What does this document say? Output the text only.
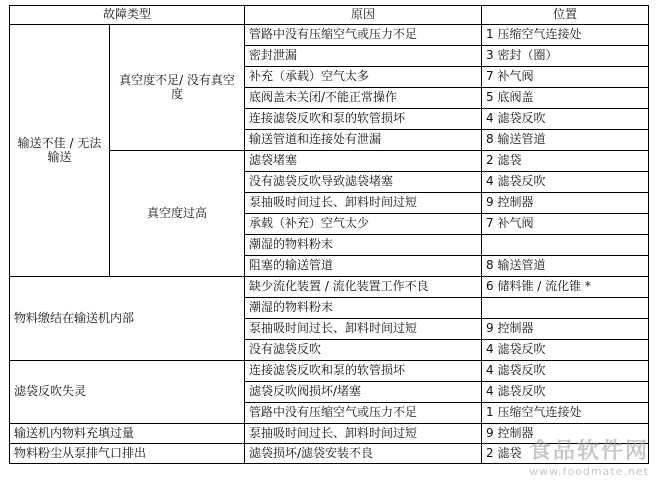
故障类型		原因	位置
输送不佳 / 无法输送	真空度不足/ 没有真空度	管路中没有压缩空气或压力不足	1 压缩空气连接处
		密封泄漏	3 密封（圈）
		补充（承载）空气太多	7 补气阀
		底阀盖未关闭/不能正常操作	5 底阀盖
		连接滤袋反吹和泵的软管损坏	4 滤袋反吹
		输送管道和连接处有泄漏	8 输送管道
	真空度过高	滤袋堵塞	2 滤袋
		没有滤袋反吹导致滤袋堵塞	4 滤袋反吹
		泵抽吸时间过长、卸料时间过短	9 控制器
		承载（补充）空气太少	7 补气阀
		潮湿的物料粉末	
		阻塞的输送管道	8 输送管道
物料缴结在输送机内部		缺少流化装置 / 流化装置工作不良	6 储料锥 / 流化锥 *
		潮湿的物料粉末	
		泵抽吸时间过长、卸料时间过短	9 控制器
		没有滤袋反吹	4 滤袋反吹
滤袋反吹失灵		连接滤袋反吹和泵的软管损坏	4 滤袋反吹
		滤袋反吹阀损坏/堵塞	4 滤袋反吹
		管路中没有压缩空气或压力不足	1 压缩空气连接处
输送机内物料充填过量		泵抽吸时间过长、卸料时间过短	9 控制器
物料粉尘从泵排气口排出		滤袋损坏/滤袋安装不良	2 滤袋 食品软件网
www.foodmate.net
